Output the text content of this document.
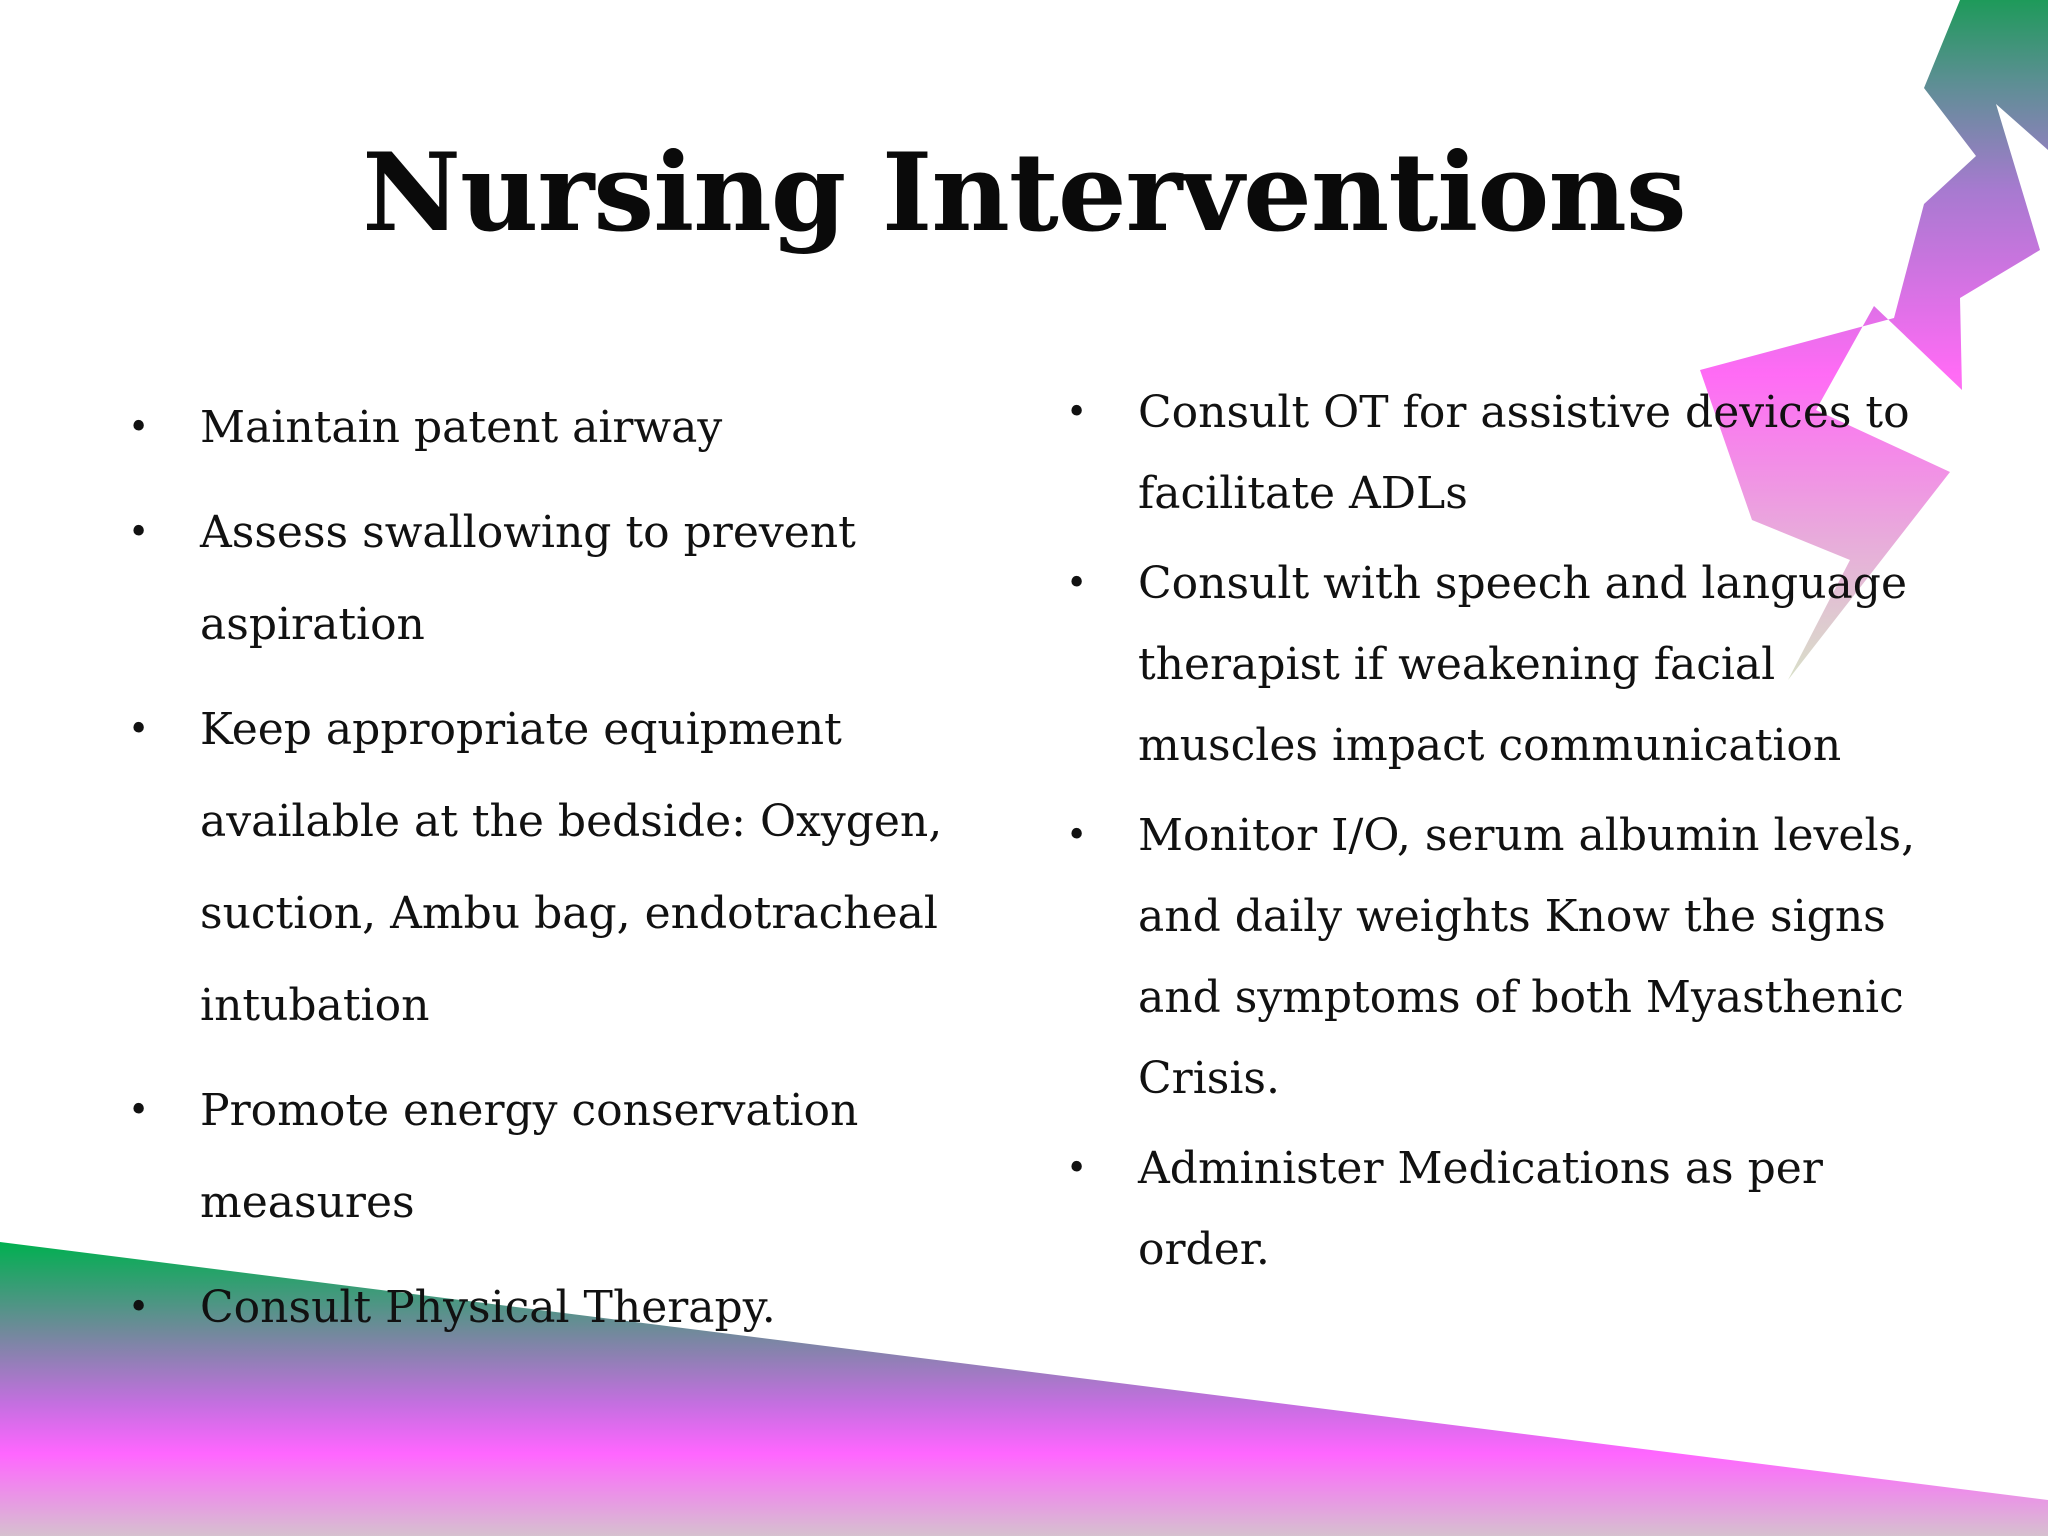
Nursing Interventions
• Maintain patent airway
• Assess swallowing to prevent aspiration
• Keep appropriate equipment available at the bedside: Oxygen, suction, Ambu bag, endotracheal intubation
• Promote energy conservation measures
• Consult Physical Therapy.
• Consult OT for assistive devices to facilitate ADLs
• Consult with speech and language therapist if weakening facial muscles impact communication
• Monitor I/O, serum albumin levels, and daily weights Know the signs and symptoms of both Myasthenic Crisis.
• Administer Medications as per order.
